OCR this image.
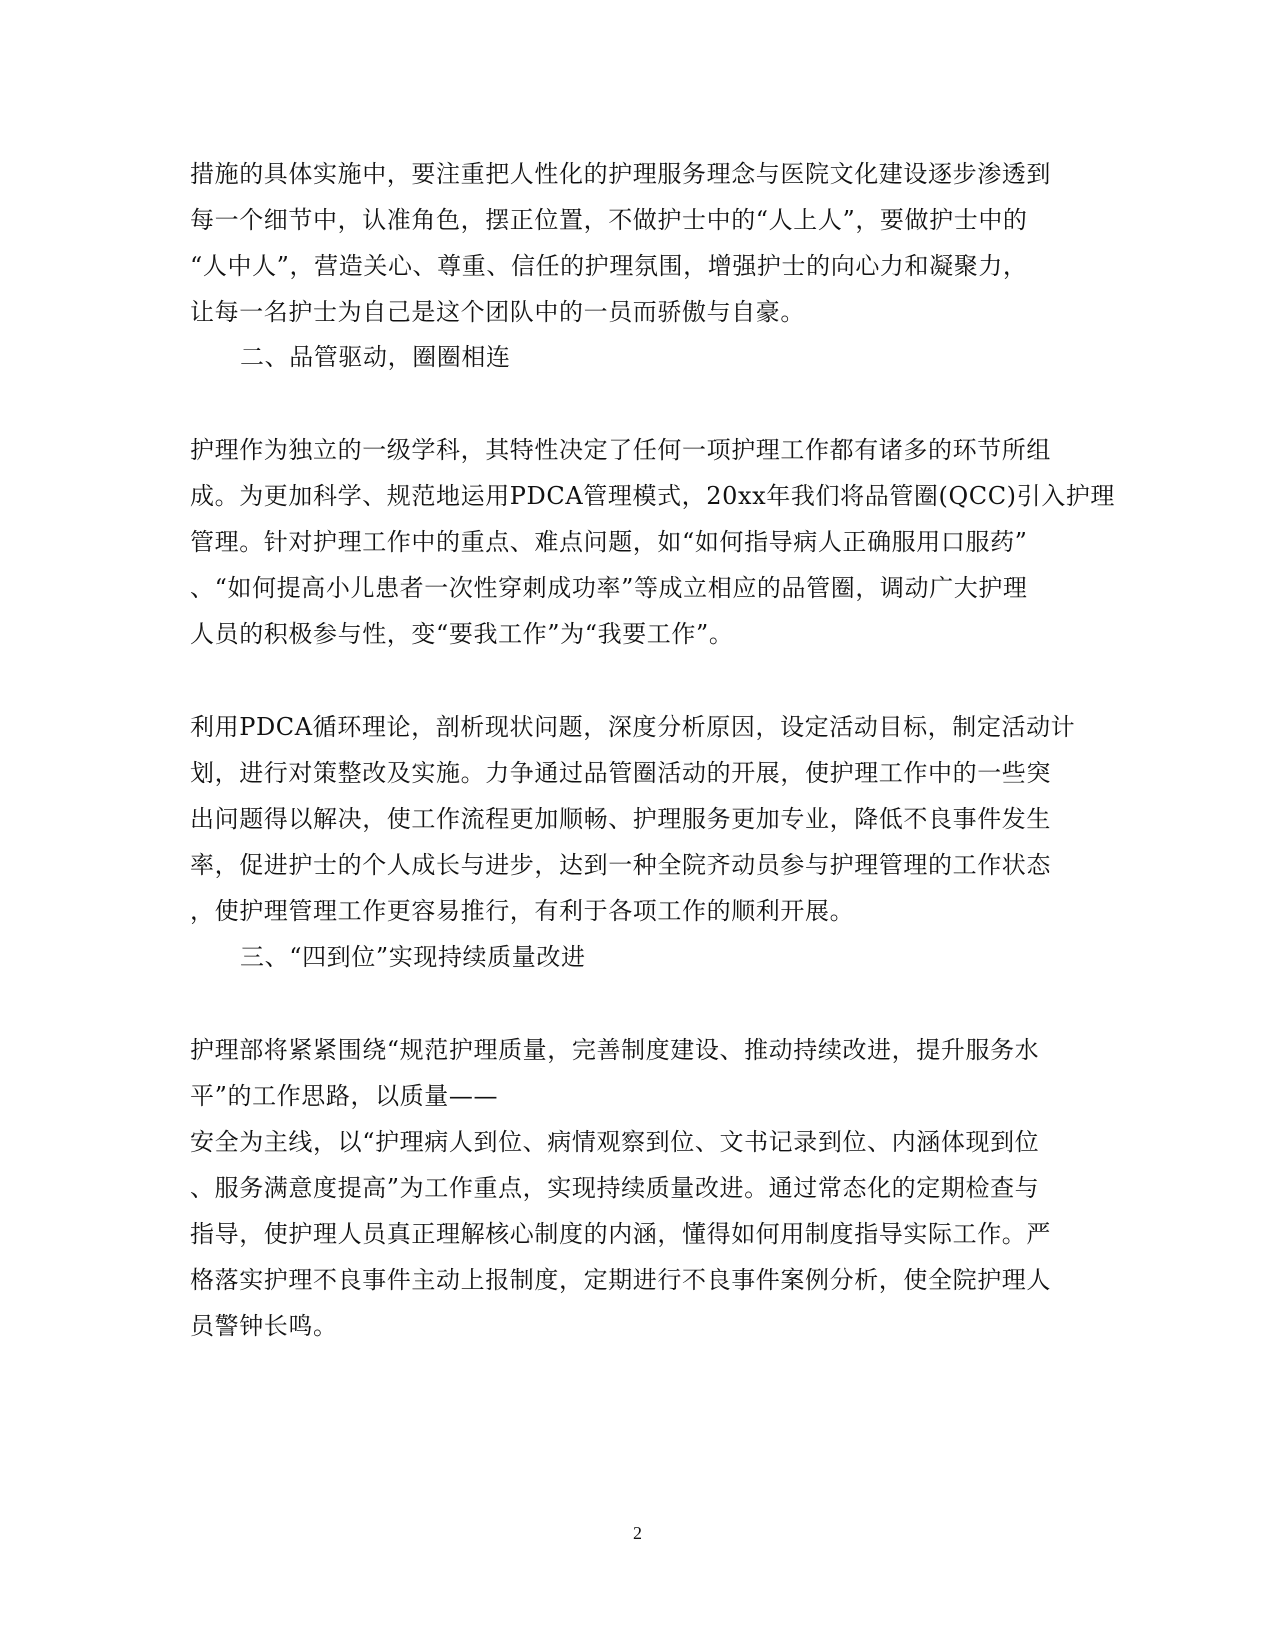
措施的具体实施中，要注重把人性化的护理服务理念与医院文化建设逐步渗透到
每一个细节中，认准角色，摆正位置，不做护士中的“人上人”，要做护士中的
“人中人”，营造关心、尊重、信任的护理氛围，增强护士的向心力和凝聚力，
让每一名护士为自己是这个团队中的一员而骄傲与自豪。
二、品管驱动，圈圈相连
护理作为独立的一级学科，其特性决定了任何一项护理工作都有诸多的环节所组
成。为更加科学、规范地运用PDCA管理模式，20xx年我们将品管圈(QCC)引入护理
管理。针对护理工作中的重点、难点问题，如“如何指导病人正确服用口服药”
、“如何提高小儿患者一次性穿刺成功率”等成立相应的品管圈，调动广大护理
人员的积极参与性，变“要我工作”为“我要工作”。
利用PDCA循环理论，剖析现状问题，深度分析原因，设定活动目标，制定活动计
划，进行对策整改及实施。力争通过品管圈活动的开展，使护理工作中的一些突
出问题得以解决，使工作流程更加顺畅、护理服务更加专业，降低不良事件发生
率，促进护士的个人成长与进步，达到一种全院齐动员参与护理管理的工作状态
，使护理管理工作更容易推行，有利于各项工作的顺利开展。
三、“四到位”实现持续质量改进
护理部将紧紧围绕“规范护理质量，完善制度建设、推动持续改进，提升服务水
平”的工作思路，以质量——
安全为主线，以“护理病人到位、病情观察到位、文书记录到位、内涵体现到位
、服务满意度提高”为工作重点，实现持续质量改进。通过常态化的定期检查与
指导，使护理人员真正理解核心制度的内涵，懂得如何用制度指导实际工作。严
格落实护理不良事件主动上报制度，定期进行不良事件案例分析，使全院护理人
员警钟长鸣。
2
